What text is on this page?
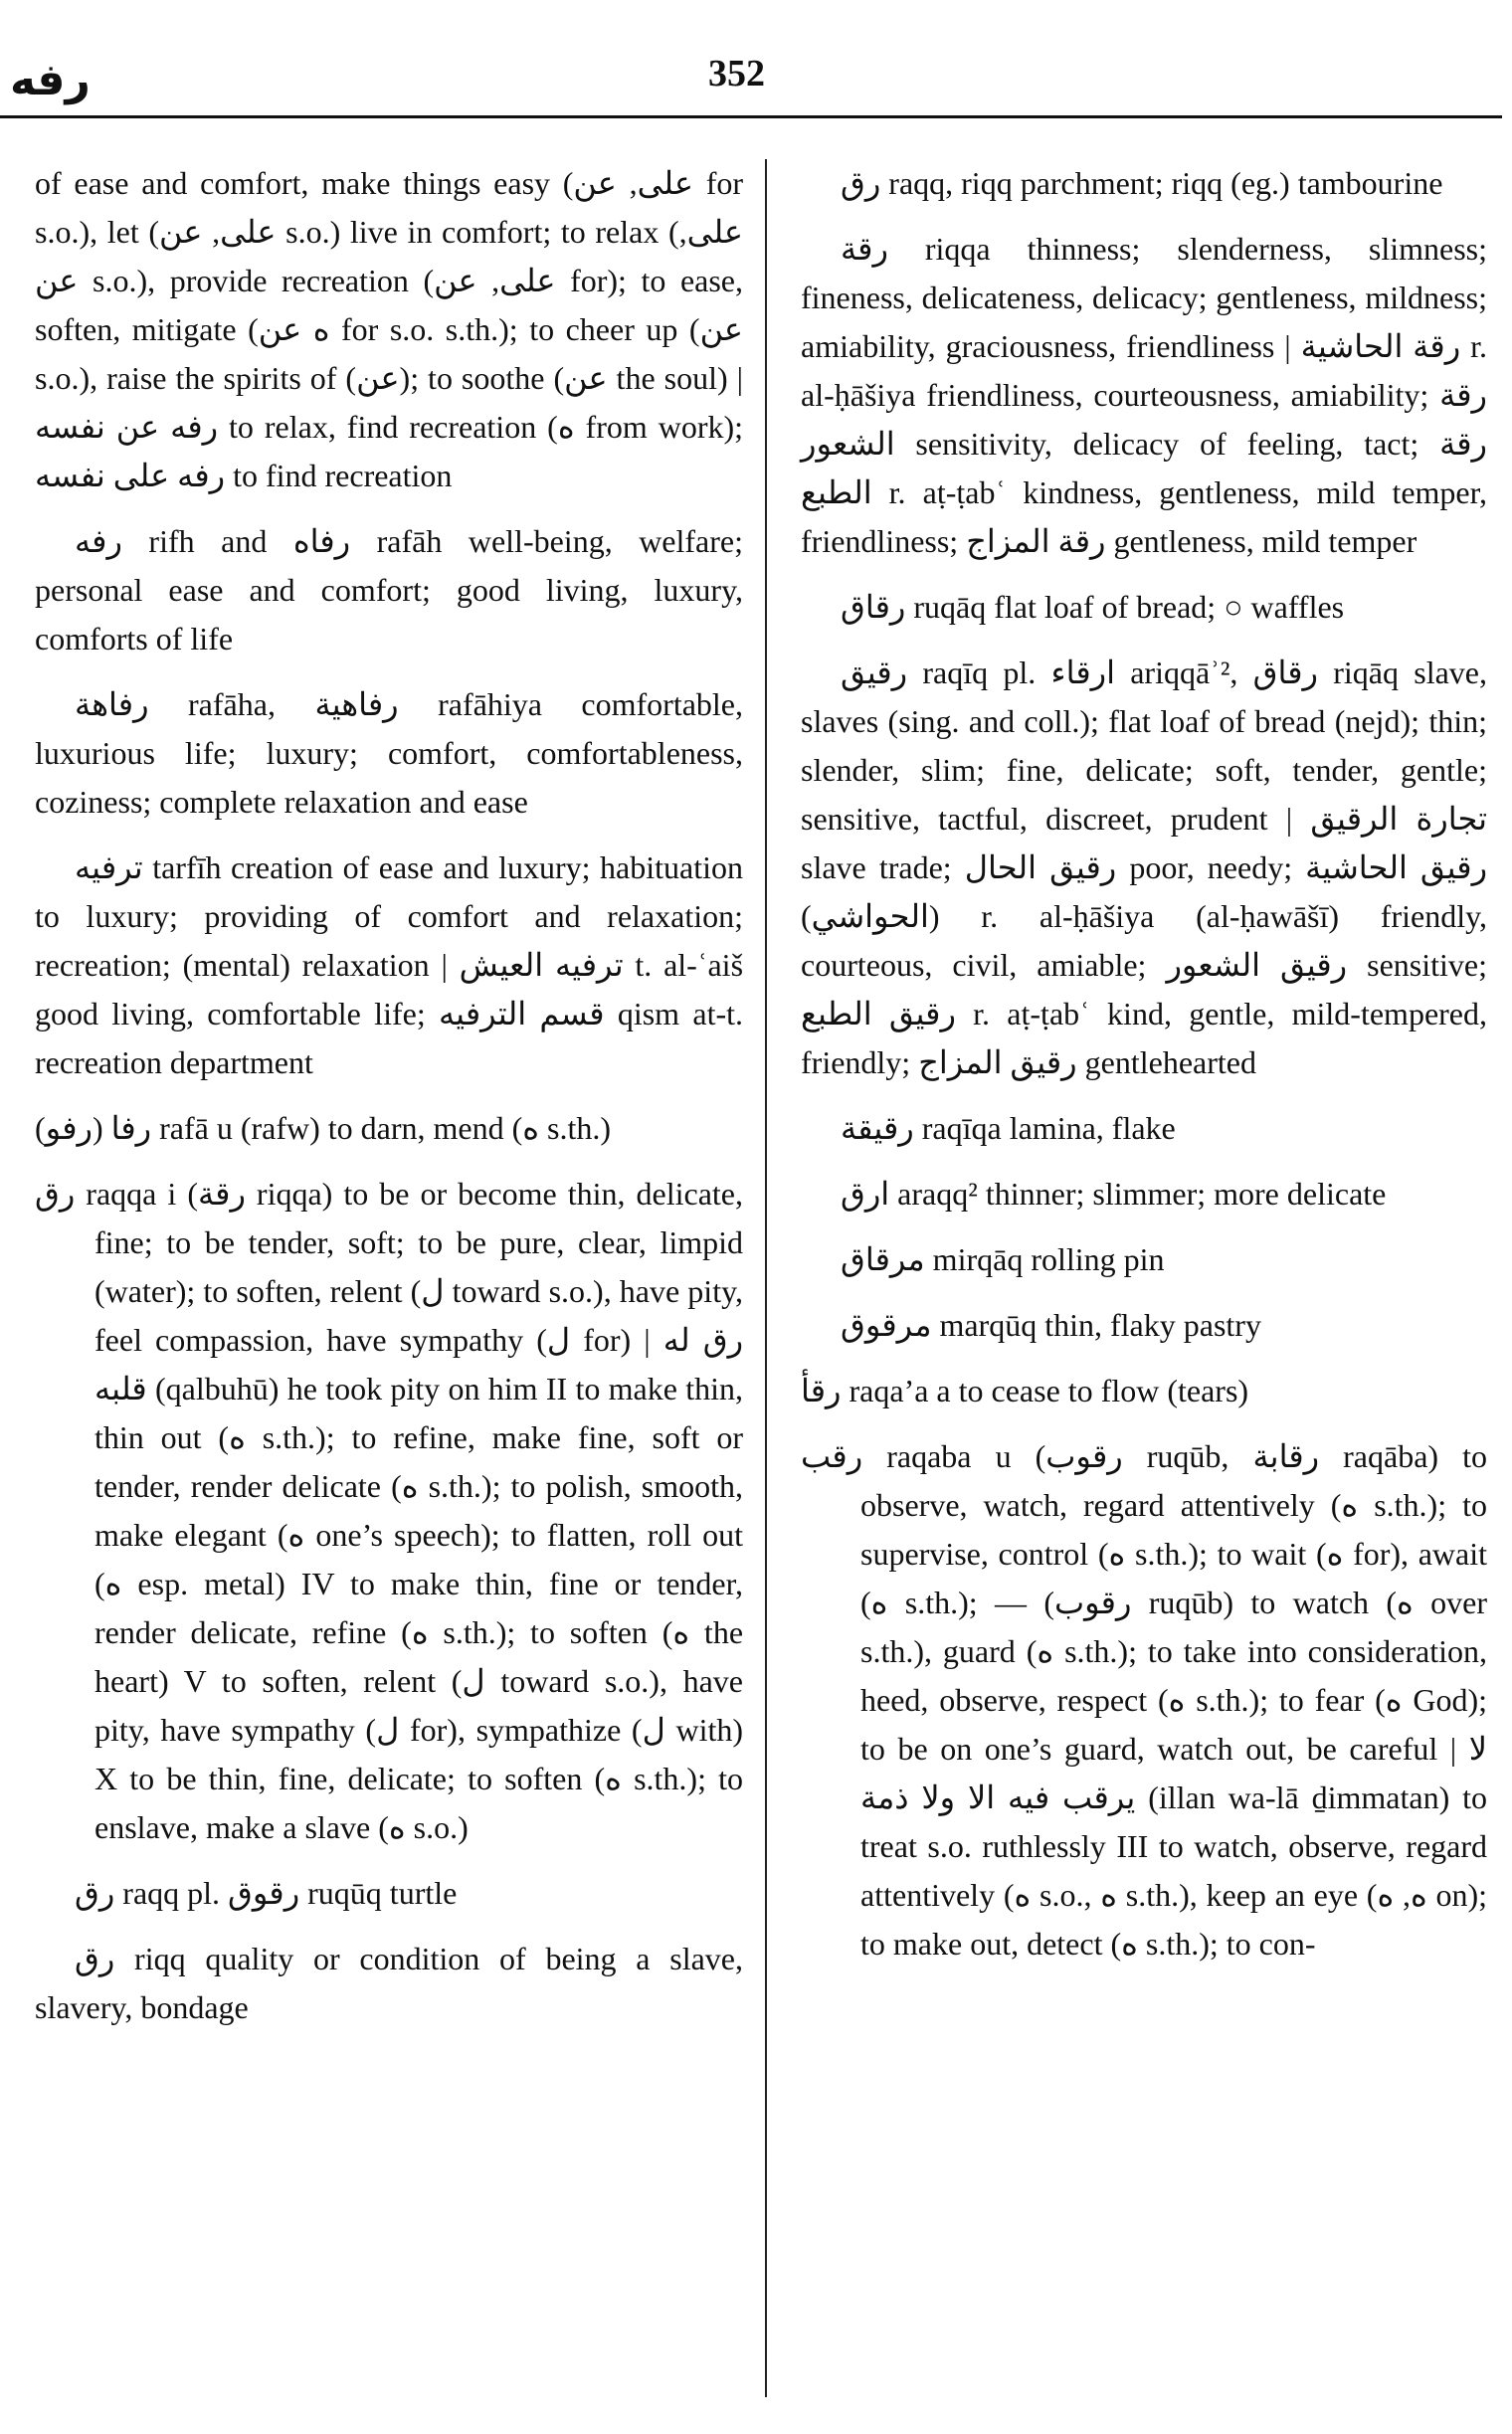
رفه	352

of ease and comfort, make things easy (على, عن for s.o.), let (على, عن s.o.) live in comfort; to relax (على, عن s.o.), provide recreation (على, عن for); to ease, soften, mitigate (ه عن for s.o. s.th.); to cheer up (عن s.o.), raise the spirits of (عن); to soothe (عن the soul) | رفه عن نفسه to relax, find recreation (ه from work); رفه على نفسه to find recreation

رفه rifh and رفاه rafāh well-being, welfare; personal ease and comfort; good living, luxury, comforts of life

رفاهة rafāha, رفاهية rafāhiya comfortable, luxurious life; luxury; comfort, comfortableness, coziness; complete relaxation and ease

ترفيه tarfīh creation of ease and luxury; habituation to luxury; providing of comfort and relaxation; recreation; (mental) relaxation | ترفيه العيش t. al-ʿaiš good living, comfortable life; قسم الترفيه qism at-t. recreation department

(رفو) رفا rafā u (rafw) to darn, mend (ه s.th.)

رق raqqa i (رقة riqqa) to be or become thin, delicate, fine; to be tender, soft; to be pure, clear, limpid (water); to soften, relent (ل toward s.o.), have pity, feel compassion, have sympathy (ل for) | رق له قلبه (qalbuhū) he took pity on him II to make thin, thin out (ه s.th.); to refine, make fine, soft or tender, render delicate (ه s.th.); to polish, smooth, make elegant (ه one’s speech); to flatten, roll out (ه esp. metal) IV to make thin, fine or tender, render delicate, refine (ه s.th.); to soften (ه the heart) V to soften, relent (ل toward s.o.), have pity, have sympathy (ل for), sympathize (ل with) X to be thin, fine, delicate; to soften (ه s.th.); to enslave, make a slave (ه s.o.)

رق raqq pl. رقوق ruqūq turtle

رق riqq quality or condition of being a slave, slavery, bondage

رق raqq, riqq parchment; riqq (eg.) tambourine

رقة riqqa thinness; slenderness, slimness; fineness, delicateness, delicacy; gentleness, mildness; amiability, graciousness, friendliness | رقة الحاشية r. al-ḥāšiya friendliness, courteousness, amiability; رقة الشعور sensitivity, delicacy of feeling, tact; رقة الطبع r. aṭ-ṭabʿ kindness, gentleness, mild temper, friendliness; رقة المزاج gentleness, mild temper

رقاق ruqāq flat loaf of bread; ○ waffles

رقيق raqīq pl. ارقاء ariqqāʾ², رقاق riqāq slave, slaves (sing. and coll.); flat loaf of bread (nejd); thin; slender, slim; fine, delicate; soft, tender, gentle; sensitive, tactful, discreet, prudent | تجارة الرقيق slave trade; رقيق الحال poor, needy; رقيق الحاشية (الحواشي) r. al-ḥāšiya (al-ḥawāšī) friendly, courteous, civil, amiable; رقيق الشعور sensitive; رقيق الطبع r. aṭ-ṭabʿ kind, gentle, mild-tempered, friendly; رقيق المزاج gentlehearted

رقيقة raqīqa lamina, flake

ارق araqq² thinner; slimmer; more delicate

مرقاق mirqāq rolling pin

مرقوق marqūq thin, flaky pastry

رقأ raqa’a a to cease to flow (tears)

رقب raqaba u (رقوب ruqūb, رقابة raqāba) to observe, watch, regard attentively (ه s.th.); to supervise, control (ه s.th.); to wait (ه for), await (ه s.th.); — (رقوب ruqūb) to watch (ه over s.th.), guard (ه s.th.); to take into consideration, heed, observe, respect (ه s.th.); to fear (ه God); to be on one’s guard, watch out, be careful | لا يرقب فيه الا ولا ذمة (illan wa-lā ḏimmatan) to treat s.o. ruthlessly III to watch, observe, regard attentively (ه s.o., ه s.th.), keep an eye (ه, ه on); to make out, detect (ه s.th.); to con-
